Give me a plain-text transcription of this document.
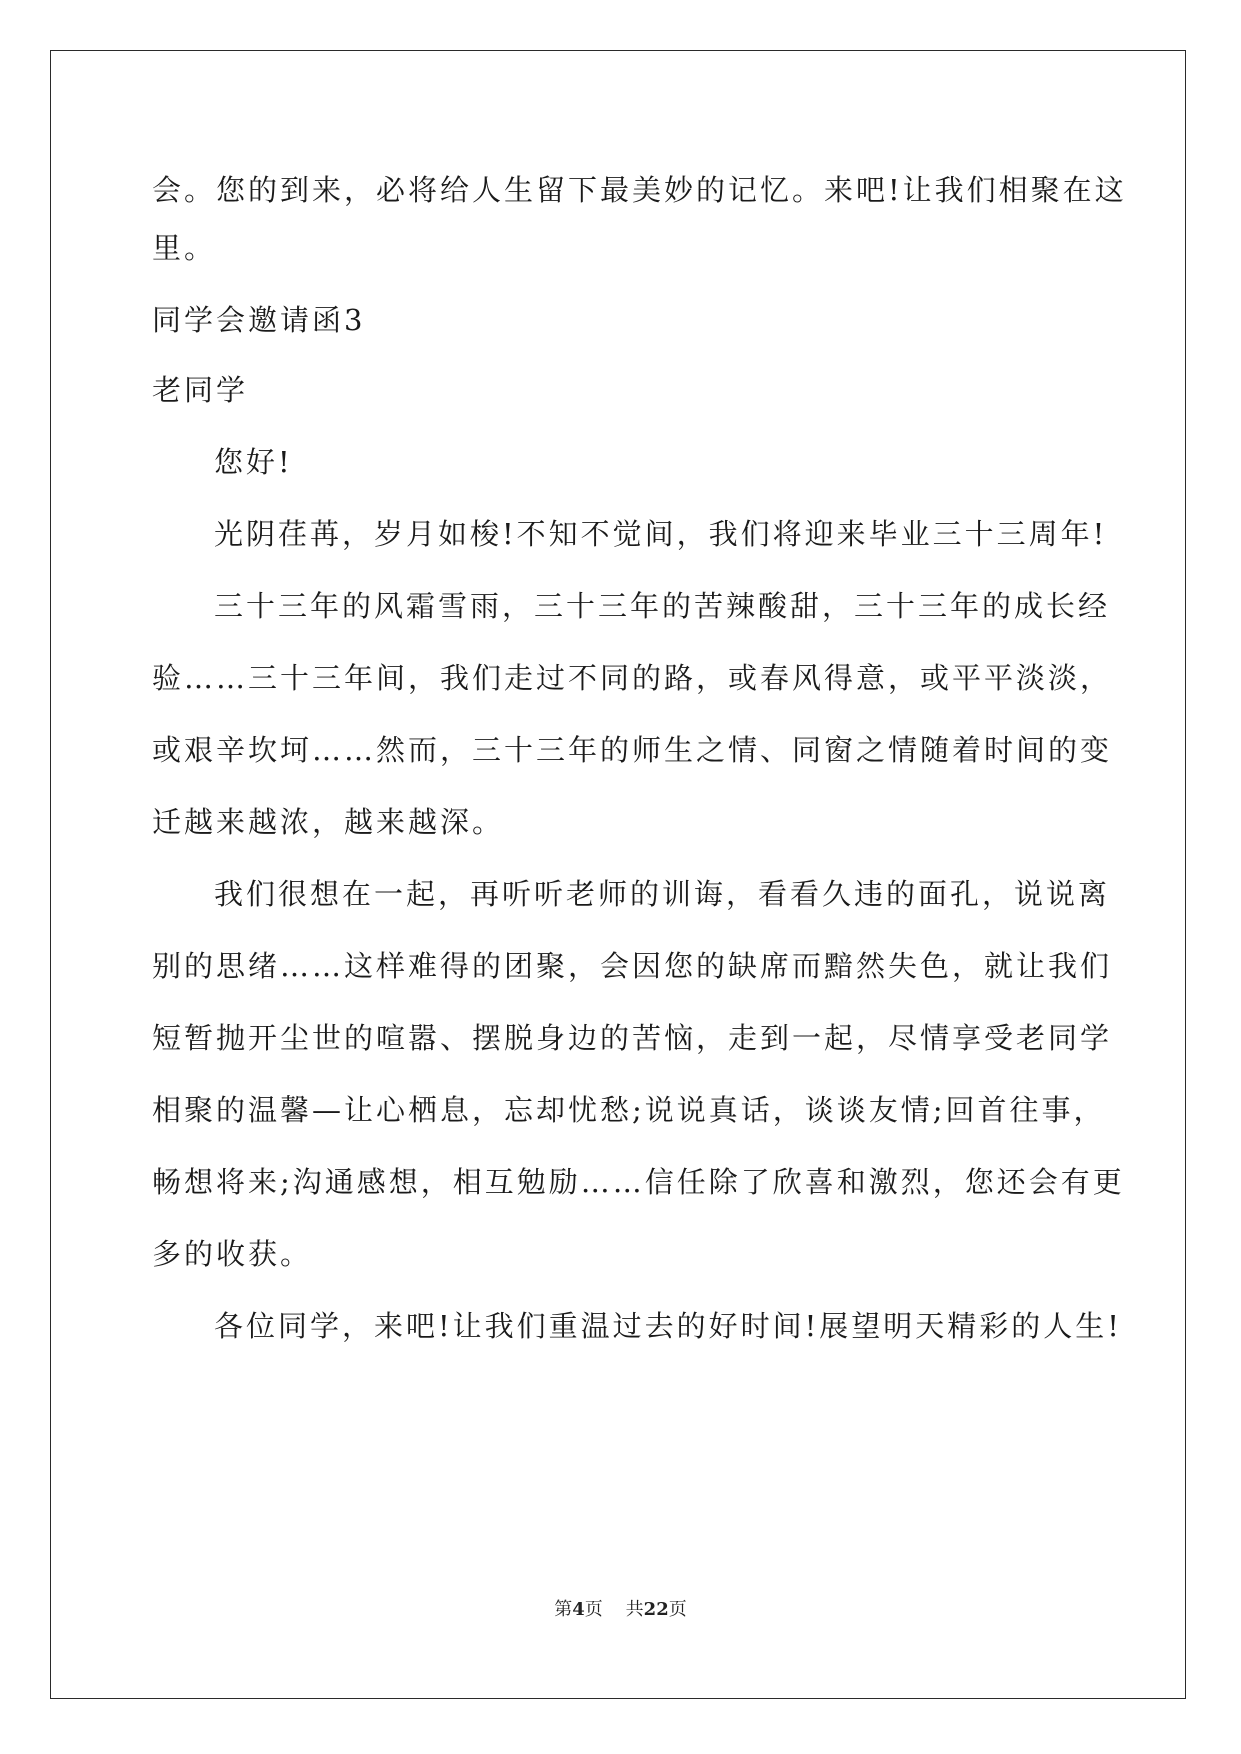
会。您的到来，必将给人生留下最美妙的记忆。来吧!让我们相聚在这
里。
同学会邀请函3
老同学
您好!
光阴荏苒，岁月如梭!不知不觉间，我们将迎来毕业三十三周年!
三十三年的风霜雪雨，三十三年的苦辣酸甜，三十三年的成长经
验……三十三年间，我们走过不同的路，或春风得意，或平平淡淡，
或艰辛坎坷……然而，三十三年的师生之情、同窗之情随着时间的变
迁越来越浓，越来越深。
我们很想在一起，再听听老师的训诲，看看久违的面孔，说说离
别的思绪……这样难得的团聚，会因您的缺席而黯然失色，就让我们
短暂抛开尘世的喧嚣、摆脱身边的苦恼，走到一起，尽情享受老同学
相聚的温馨—让心栖息，忘却忧愁;说说真话，谈谈友情;回首往事，
畅想将来;沟通感想，相互勉励……信任除了欣喜和激烈，您还会有更
多的收获。
各位同学，来吧!让我们重温过去的好时间!展望明天精彩的人生!
第4页 共22页
